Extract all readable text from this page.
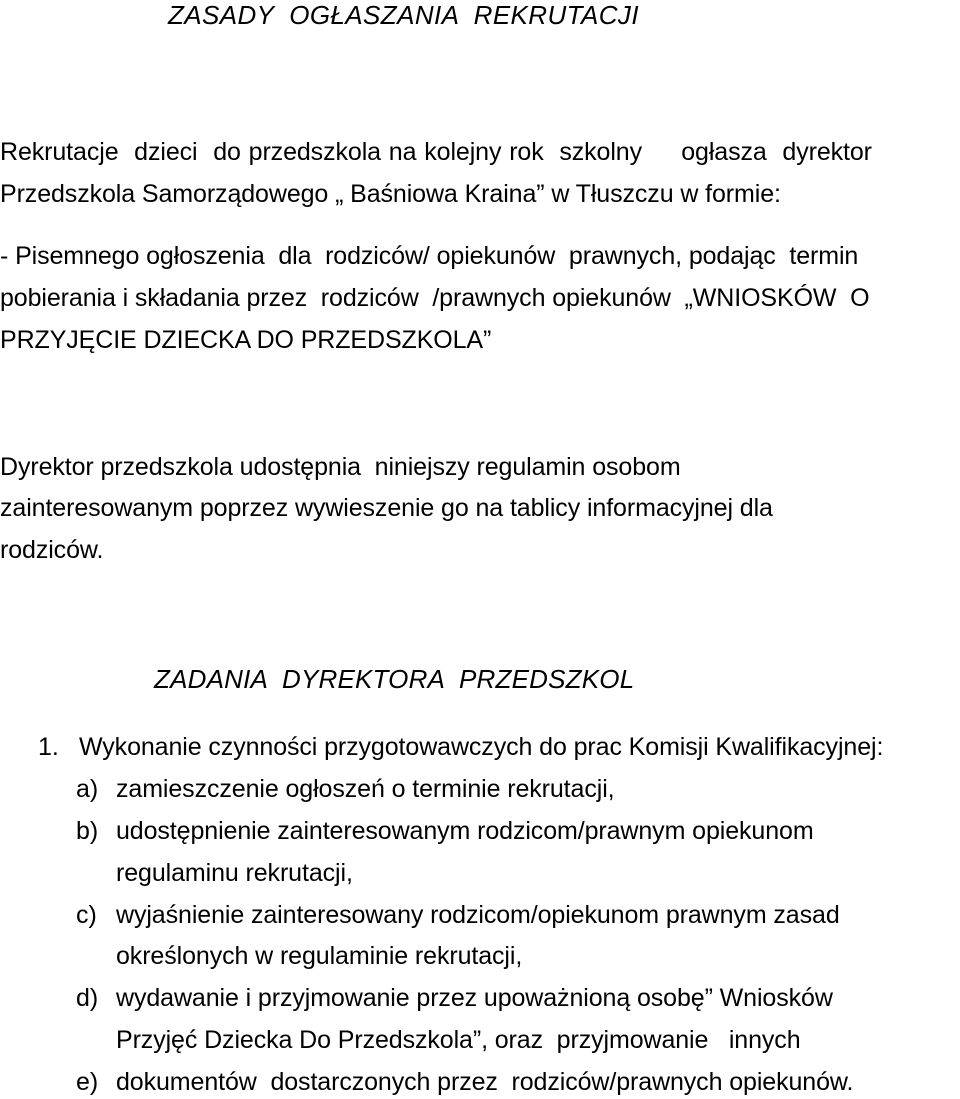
ZASADY  OGŁASZANIA  REKRUTACJI
Rekrutacje  dzieci  do przedszkola na kolejny rok  szkolny     ogłasza  dyrektor
Przedszkola Samorządowego „ Baśniowa Kraina” w Tłuszczu w formie:
- Pisemnego ogłoszenia  dla  rodziców/ opiekunów  prawnych, podając  termin
pobierania i składania przez  rodziców  /prawnych opiekunów  „WNIOSKÓW  O
PRZYJĘCIE DZIECKA DO PRZEDSZKOLA”
Dyrektor przedszkola udostępnia  niniejszy regulamin osobom
zainteresowanym poprzez wywieszenie go na tablicy informacyjnej dla
rodziców.
ZADANIA  DYREKTORA  PRZEDSZKOL
1. Wykonanie czynności przygotowawczych do prac Komisji Kwalifikacyjnej:
a) zamieszczenie ogłoszeń o terminie rekrutacji,
b) udostępnienie zainteresowanym rodzicom/prawnym opiekunom
regulaminu rekrutacji,
c) wyjaśnienie zainteresowany rodzicom/opiekunom prawnym zasad
określonych w regulaminie rekrutacji,
d) wydawanie i przyjmowanie przez upoważnioną osobę” Wniosków
Przyjęć Dziecka Do Przedszkola”, oraz  przyjmowanie   innych
e) dokumentów  dostarczonych przez  rodziców/prawnych opiekunów.
